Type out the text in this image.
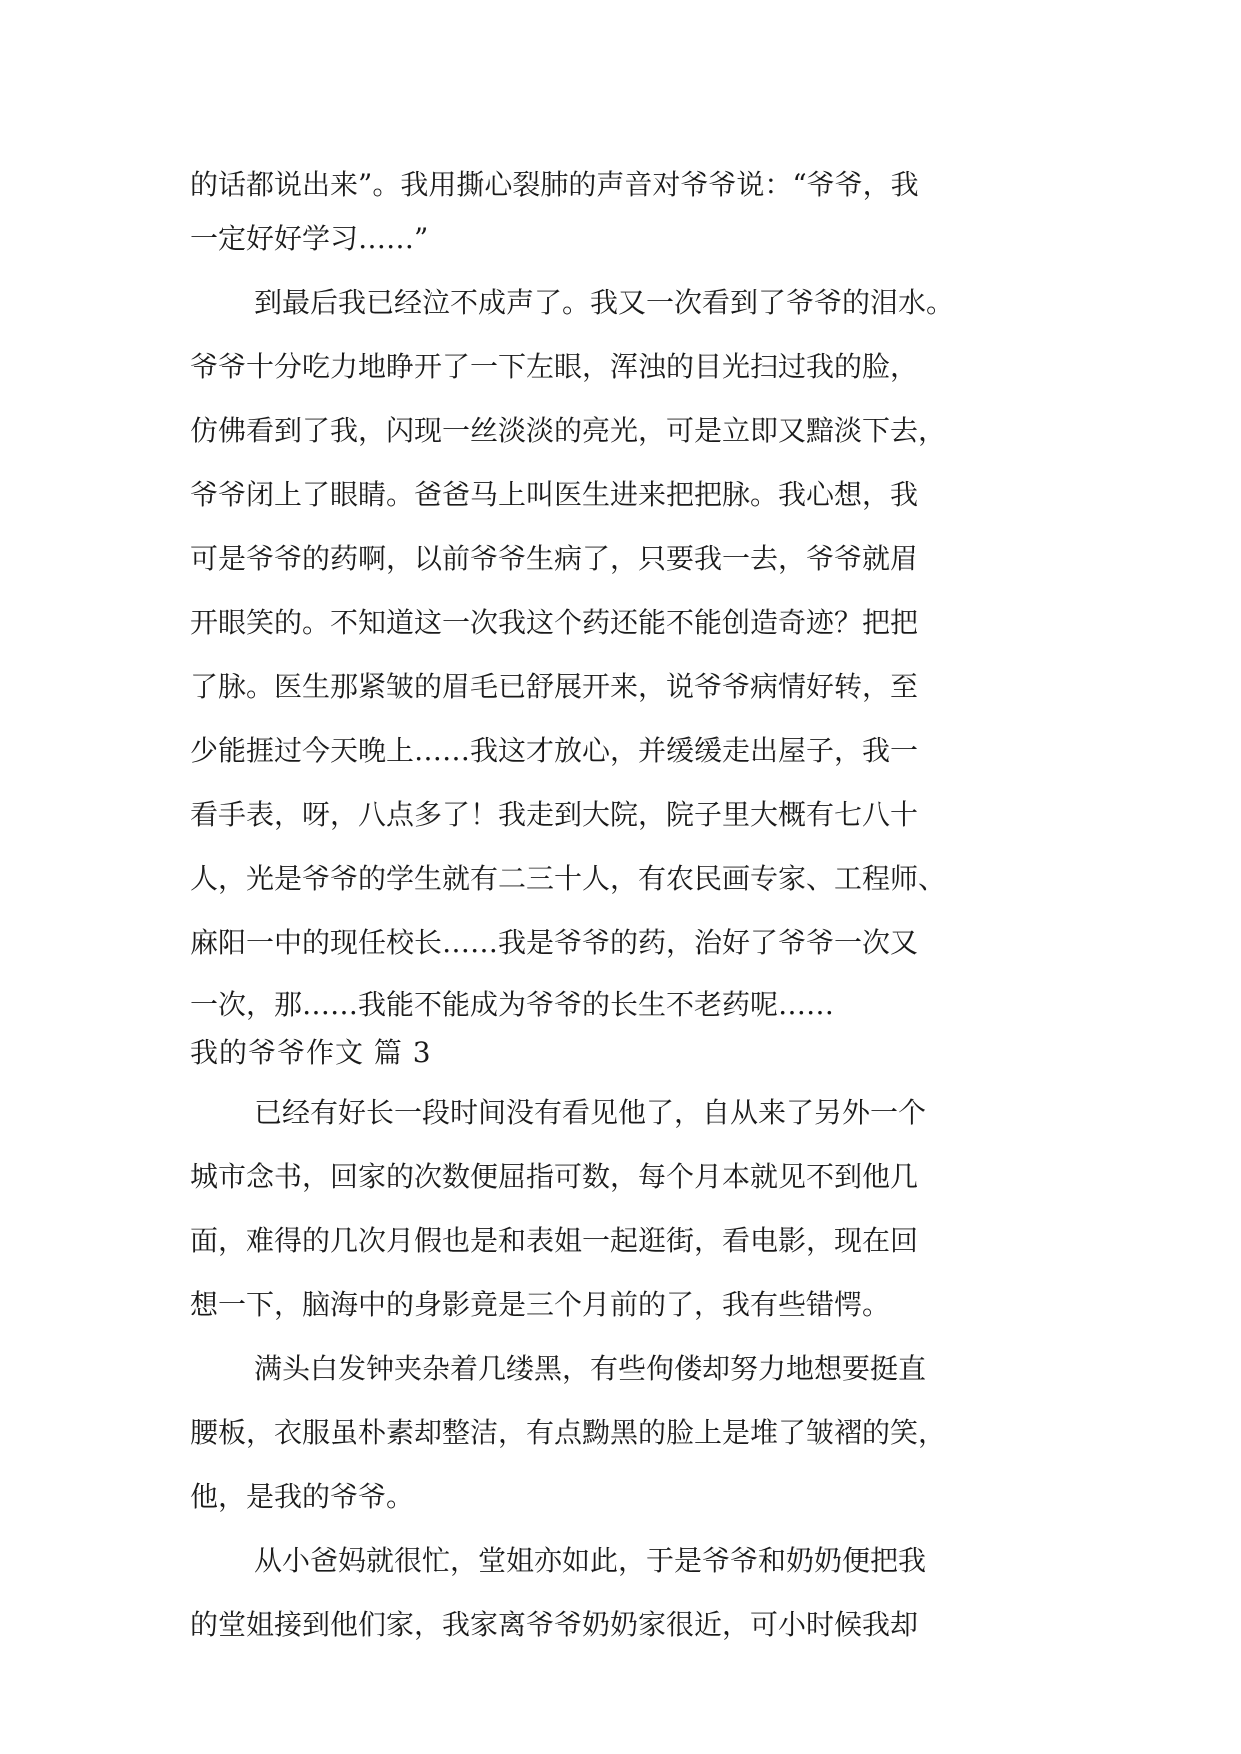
的话都说出来”。我用撕心裂肺的声音对爷爷说：“爷爷，我
一定好好学习……”
到最后我已经泣不成声了。我又一次看到了爷爷的泪水。
爷爷十分吃力地睁开了一下左眼，浑浊的目光扫过我的脸，
仿佛看到了我，闪现一丝淡淡的亮光，可是立即又黯淡下去，
爷爷闭上了眼睛。爸爸马上叫医生进来把把脉。我心想，我
可是爷爷的药啊，以前爷爷生病了，只要我一去，爷爷就眉
开眼笑的。不知道这一次我这个药还能不能创造奇迹？把把
了脉。医生那紧皱的眉毛已舒展开来，说爷爷病情好转，至
少能捱过今天晚上……我这才放心，并缓缓走出屋子，我一
看手表，呀，八点多了！我走到大院，院子里大概有七八十
人，光是爷爷的学生就有二三十人，有农民画专家、工程师、
麻阳一中的现任校长……我是爷爷的药，治好了爷爷一次又
一次，那……我能不能成为爷爷的长生不老药呢……
我的爷爷作文 篇 3
已经有好长一段时间没有看见他了，自从来了另外一个
城市念书，回家的次数便屈指可数，每个月本就见不到他几
面，难得的几次月假也是和表姐一起逛街，看电影，现在回
想一下，脑海中的身影竟是三个月前的了，我有些错愕。
满头白发钟夹杂着几缕黑，有些佝偻却努力地想要挺直
腰板，衣服虽朴素却整洁，有点黝黑的脸上是堆了皱褶的笑，
他，是我的爷爷。
从小爸妈就很忙，堂姐亦如此，于是爷爷和奶奶便把我
的堂姐接到他们家，我家离爷爷奶奶家很近，可小时候我却
